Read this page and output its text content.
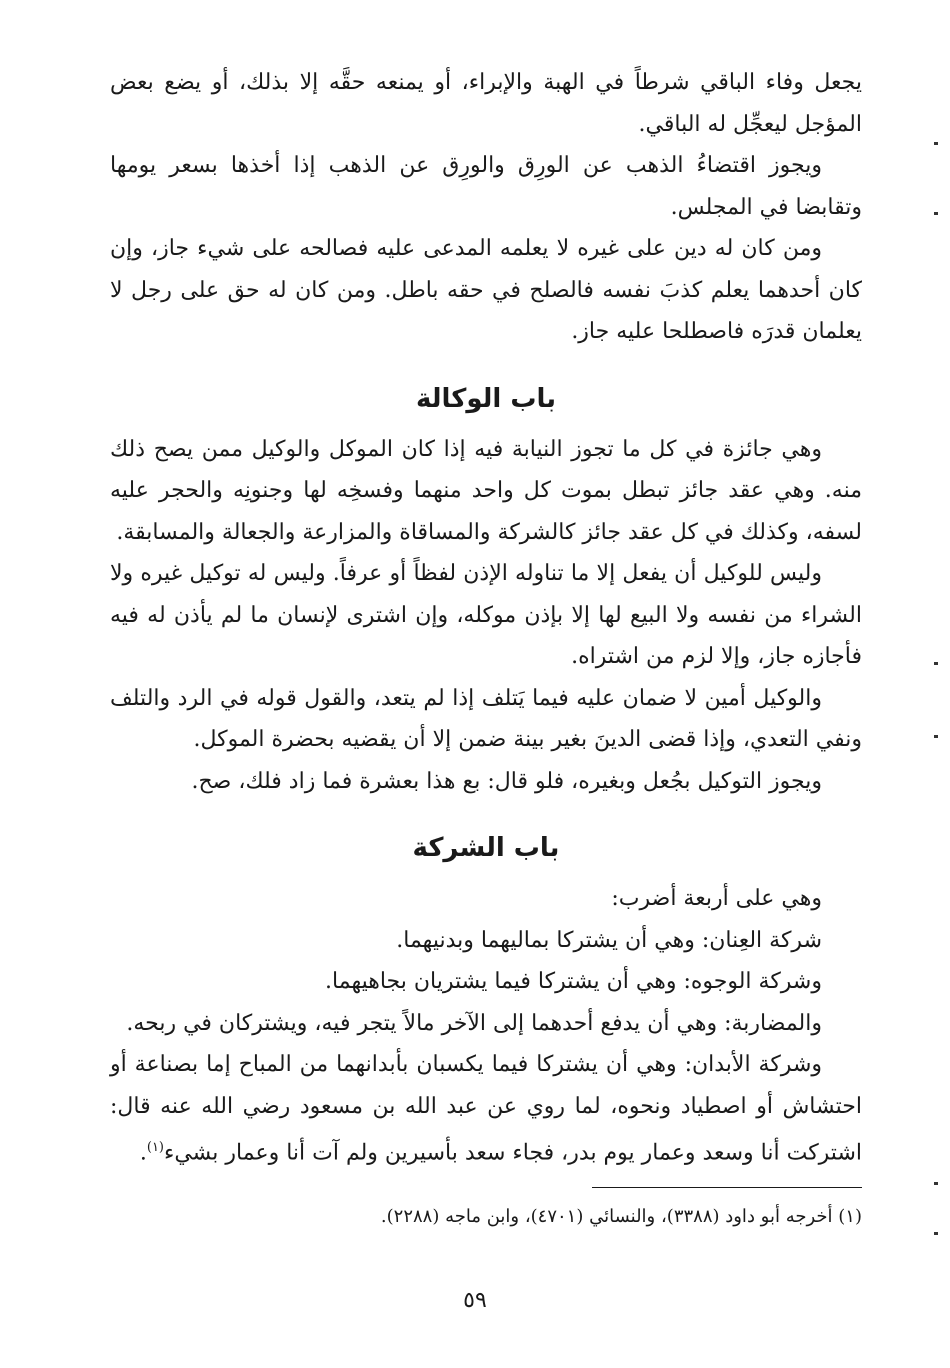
يجعل وفاء الباقي شرطاً في الهبة والإبراء، أو يمنعه حقَّه إلا بذلك، أو يضع بعض المؤجل ليعجِّل له الباقي.

ويجوز اقتضاءُ الذهب عن الورِق والورِق عن الذهب إذا أخذها بسعر يومها وتقابضا في المجلس.

ومن كان له دين على غيره لا يعلمه المدعى عليه فصالحه على شيء جاز، وإن كان أحدهما يعلم كذبَ نفسه فالصلح في حقه باطل. ومن كان له حق على رجل لا يعلمان قدرَه فاصطلحا عليه جاز.

باب الوكالة

وهي جائزة في كل ما تجوز النيابة فيه إذا كان الموكل والوكيل ممن يصح ذلك منه. وهي عقد جائز تبطل بموت كل واحد منهما وفسخِه لها وجنونِه والحجر عليه لسفه، وكذلك في كل عقد جائز كالشركة والمساقاة والمزارعة والجعالة والمسابقة.

وليس للوكيل أن يفعل إلا ما تناوله الإذن لفظاً أو عرفاً. وليس له توكيل غيره ولا الشراء من نفسه ولا البيع لها إلا بإذن موكله، وإن اشترى لإنسان ما لم يأذن له فيه فأجازه جاز، وإلا لزم من اشتراه.

والوكيل أمين لا ضمان عليه فيما يَتلف إذا لم يتعد، والقول قوله في الرد والتلف ونفي التعدي، وإذا قضى الدينَ بغير بينة ضمن إلا أن يقضيه بحضرة الموكل.

ويجوز التوكيل بجُعل وبغيره، فلو قال: بع هذا بعشرة فما زاد فلك، صح.

باب الشركة

وهي على أربعة أضرب:

شركة العِنان: وهي أن يشتركا بماليهما وبدنيهما.

وشركة الوجوه: وهي أن يشتركا فيما يشتريان بجاهيهما.

والمضاربة: وهي أن يدفع أحدهما إلى الآخر مالاً يتجر فيه، ويشتركان في ربحه.

وشركة الأبدان: وهي أن يشتركا فيما يكسبان بأبدانهما من المباح إما بصناعة أو احتشاش أو اصطياد ونحوه، لما روي عن عبد الله بن مسعود رضي الله عنه قال: اشتركت أنا وسعد وعمار يوم بدر، فجاء سعد بأسيرين ولم آت أنا وعمار بشيء$^{(١)}$.

(١) أخرجه أبو داود (٣٣٨٨)، والنسائي (٤٧٠١)، وابن ماجه (٢٢٨٨).
٥٩
